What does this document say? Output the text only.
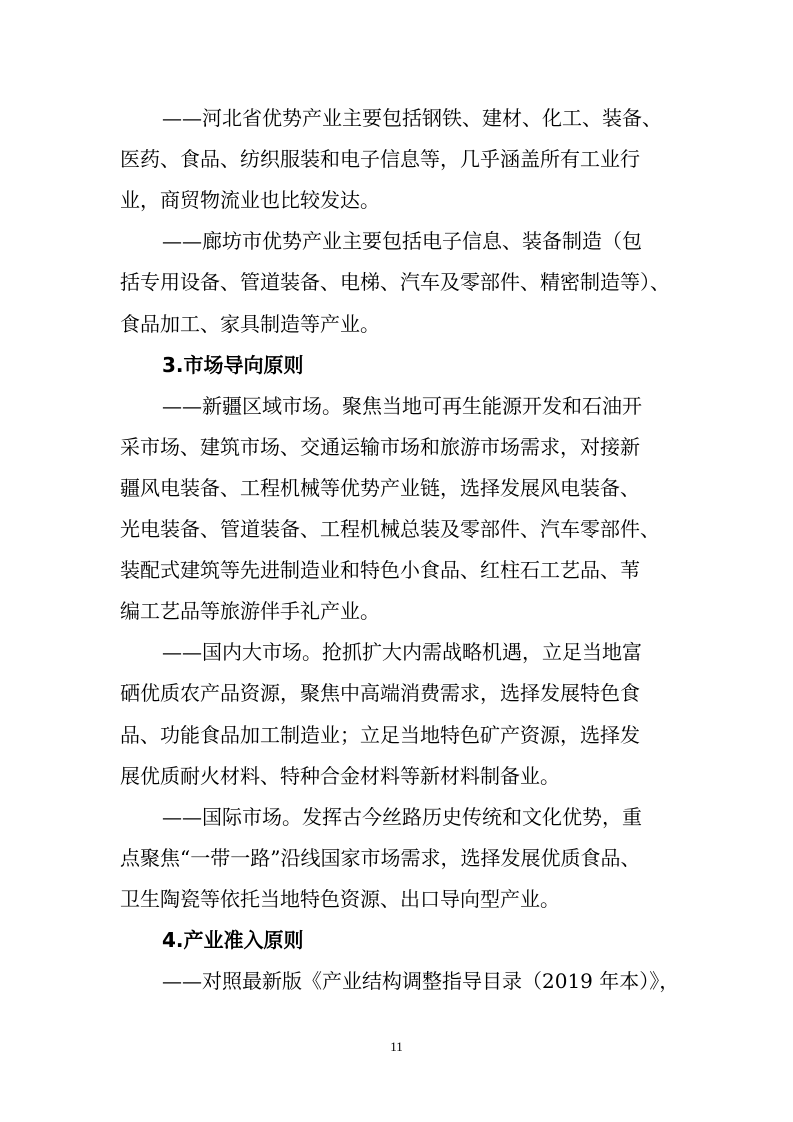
——河北省优势产业主要包括钢铁、建材、化工、装备、
医药、食品、纺织服装和电子信息等，几乎涵盖所有工业行
业，商贸物流业也比较发达。
——廊坊市优势产业主要包括电子信息、装备制造（包
括专用设备、管道装备、电梯、汽车及零部件、精密制造等）、
食品加工、家具制造等产业。
3.市场导向原则
——新疆区域市场。聚焦当地可再生能源开发和石油开
采市场、建筑市场、交通运输市场和旅游市场需求，对接新
疆风电装备、工程机械等优势产业链，选择发展风电装备、
光电装备、管道装备、工程机械总装及零部件、汽车零部件、
装配式建筑等先进制造业和特色小食品、红柱石工艺品、苇
编工艺品等旅游伴手礼产业。
——国内大市场。抢抓扩大内需战略机遇，立足当地富
硒优质农产品资源，聚焦中高端消费需求，选择发展特色食
品、功能食品加工制造业；立足当地特色矿产资源，选择发
展优质耐火材料、特种合金材料等新材料制备业。
——国际市场。发挥古今丝路历史传统和文化优势，重
点聚焦“一带一路”沿线国家市场需求，选择发展优质食品、
卫生陶瓷等依托当地特色资源、出口导向型产业。
4.产业准入原则
——对照最新版《产业结构调整指导目录（2019 年本）》，
11
